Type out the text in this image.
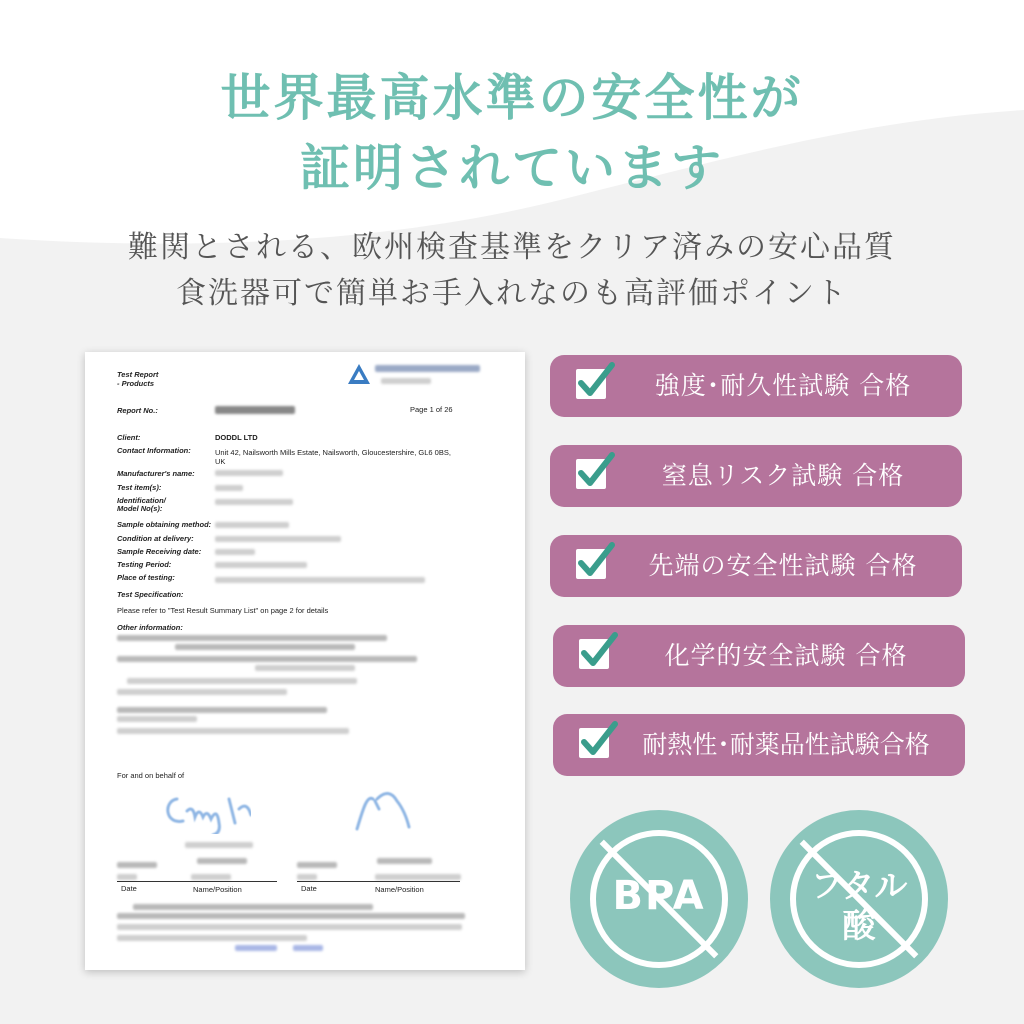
世界最高水準の安全性が
証明されています
難関とされる、欧州検査基準をクリア済みの安心品質
食洗器可で簡単お手入れなのも高評価ポイント
Test Report
- Products
Page 1 of 26
Report No.:
Client:	DODDL LTD
Contact Information:	Unit 42, Nailsworth Mills Estate, Nailsworth, Gloucestershire, GL6 0BS,
UK
Manufacturer's name:
Test item(s):
Identification/
Model No(s):
Sample obtaining method:
Condition at delivery:
Sample Receiving date:
Testing Period:
Place of testing:
Test Specification:
Please refer to "Test Result Summary List" on page 2 for details
Other information:
For and on behalf of
Date	Name/Position	Date	Name/Position
強度･耐久性試験 合格
窒息リスク試験 合格
先端の安全性試験 合格
化学的安全試験 合格
耐熱性･耐薬品性試験合格
BPA	フタル
酸
